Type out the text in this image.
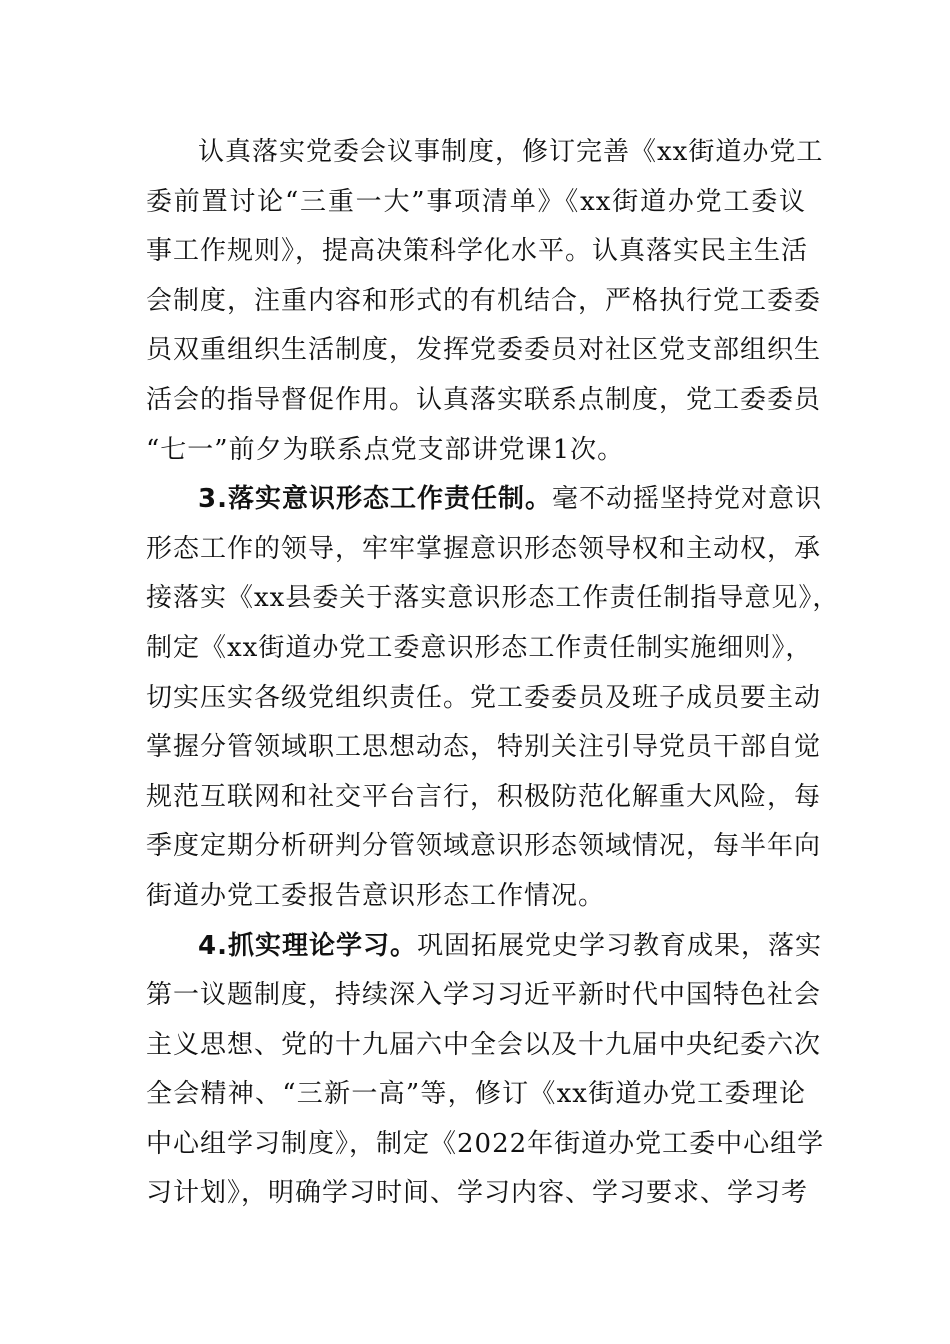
认真落实党委会议事制度，修订完善《xx街道办党工
委前置讨论“三重一大”事项清单》《xx街道办党工委议
事工作规则》，提高决策科学化水平。认真落实民主生活
会制度，注重内容和形式的有机结合，严格执行党工委委
员双重组织生活制度，发挥党委委员对社区党支部组织生
活会的指导督促作用。认真落实联系点制度，党工委委员
“七一”前夕为联系点党支部讲党课1次。
3.落实意识形态工作责任制。毫不动摇坚持党对意识
形态工作的领导，牢牢掌握意识形态领导权和主动权，承
接落实《xx县委关于落实意识形态工作责任制指导意见》，
制定《xx街道办党工委意识形态工作责任制实施细则》，
切实压实各级党组织责任。党工委委员及班子成员要主动
掌握分管领域职工思想动态，特别关注引导党员干部自觉
规范互联网和社交平台言行，积极防范化解重大风险，每
季度定期分析研判分管领域意识形态领域情况，每半年向
街道办党工委报告意识形态工作情况。
4.抓实理论学习。巩固拓展党史学习教育成果，落实
第一议题制度，持续深入学习习近平新时代中国特色社会
主义思想、党的十九届六中全会以及十九届中央纪委六次
全会精神、“三新一高”等，修订《xx街道办党工委理论
中心组学习制度》，制定《2022年街道办党工委中心组学
习计划》，明确学习时间、学习内容、学习要求、学习考
